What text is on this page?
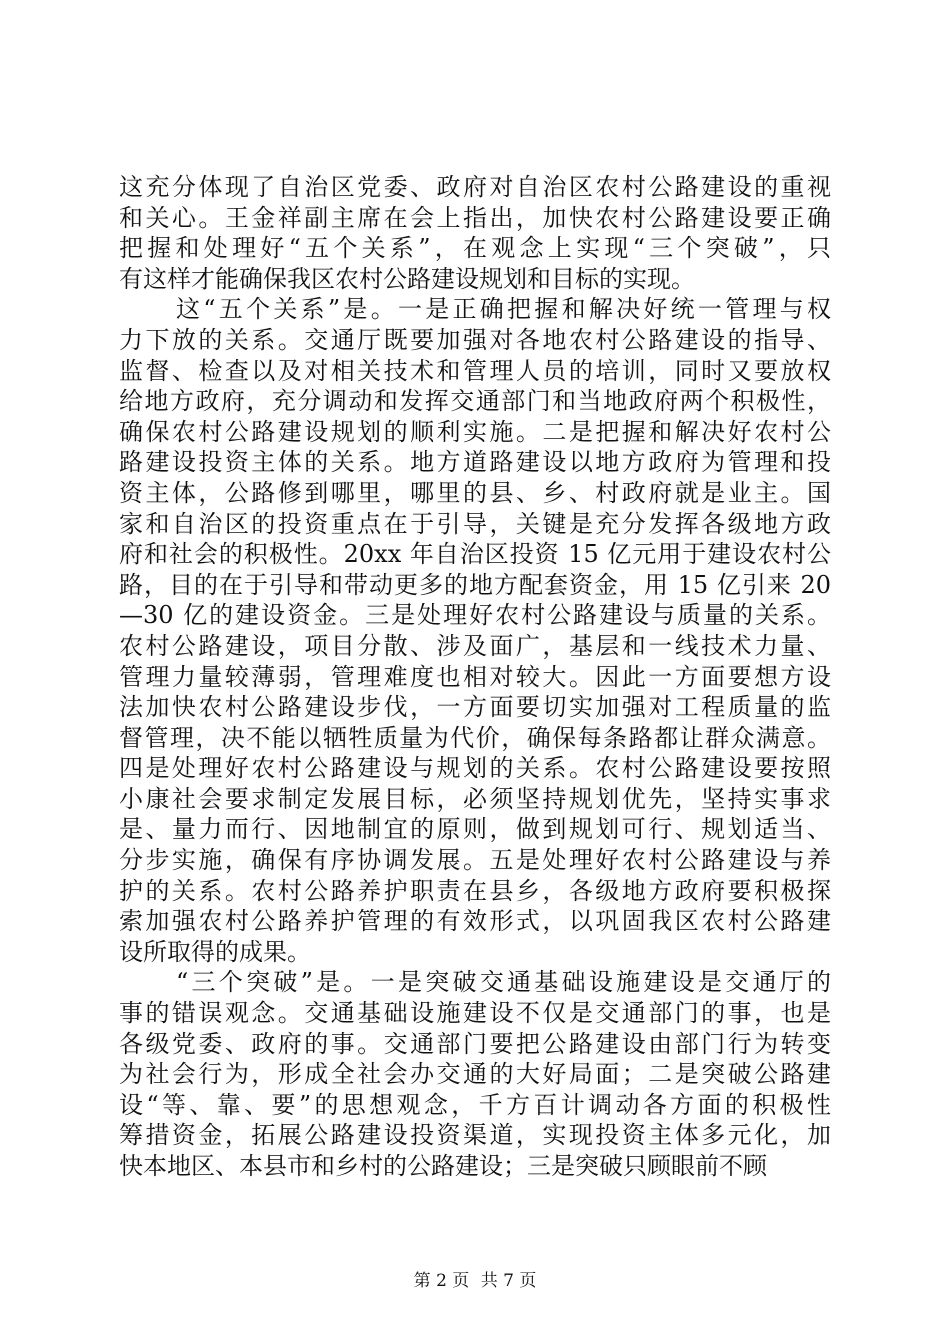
这充分体现了自治区党委、政府对自治区农村公路建设的重视
和关心。王金祥副主席在会上指出，加快农村公路建设要正确
把握和处理好“五个关系”，在观念上实现“三个突破”，只
有这样才能确保我区农村公路建设规划和目标的实现。
这“五个关系”是。一是正确把握和解决好统一管理与权
力下放的关系。交通厅既要加强对各地农村公路建设的指导、
监督、检查以及对相关技术和管理人员的培训，同时又要放权
给地方政府，充分调动和发挥交通部门和当地政府两个积极性，
确保农村公路建设规划的顺利实施。二是把握和解决好农村公
路建设投资主体的关系。地方道路建设以地方政府为管理和投
资主体，公路修到哪里，哪里的县、乡、村政府就是业主。国
家和自治区的投资重点在于引导，关键是充分发挥各级地方政
府和社会的积极性。20xx 年自治区投资 15 亿元用于建设农村公
路，目的在于引导和带动更多的地方配套资金，用 15 亿引来 20
—30 亿的建设资金。三是处理好农村公路建设与质量的关系。
农村公路建设，项目分散、涉及面广，基层和一线技术力量、
管理力量较薄弱，管理难度也相对较大。因此一方面要想方设
法加快农村公路建设步伐，一方面要切实加强对工程质量的监
督管理，决不能以牺牲质量为代价，确保每条路都让群众满意。
四是处理好农村公路建设与规划的关系。农村公路建设要按照
小康社会要求制定发展目标，必须坚持规划优先，坚持实事求
是、量力而行、因地制宜的原则，做到规划可行、规划适当、
分步实施，确保有序协调发展。五是处理好农村公路建设与养
护的关系。农村公路养护职责在县乡，各级地方政府要积极探
索加强农村公路养护管理的有效形式，以巩固我区农村公路建
设所取得的成果。
“三个突破”是。一是突破交通基础设施建设是交通厅的
事的错误观念。交通基础设施建设不仅是交通部门的事，也是
各级党委、政府的事。交通部门要把公路建设由部门行为转变
为社会行为，形成全社会办交通的大好局面；二是突破公路建
设“等、靠、要”的思想观念，千方百计调动各方面的积极性
筹措资金，拓展公路建设投资渠道，实现投资主体多元化，加
快本地区、本县市和乡村的公路建设；三是突破只顾眼前不顾
第 2 页 共 7 页
